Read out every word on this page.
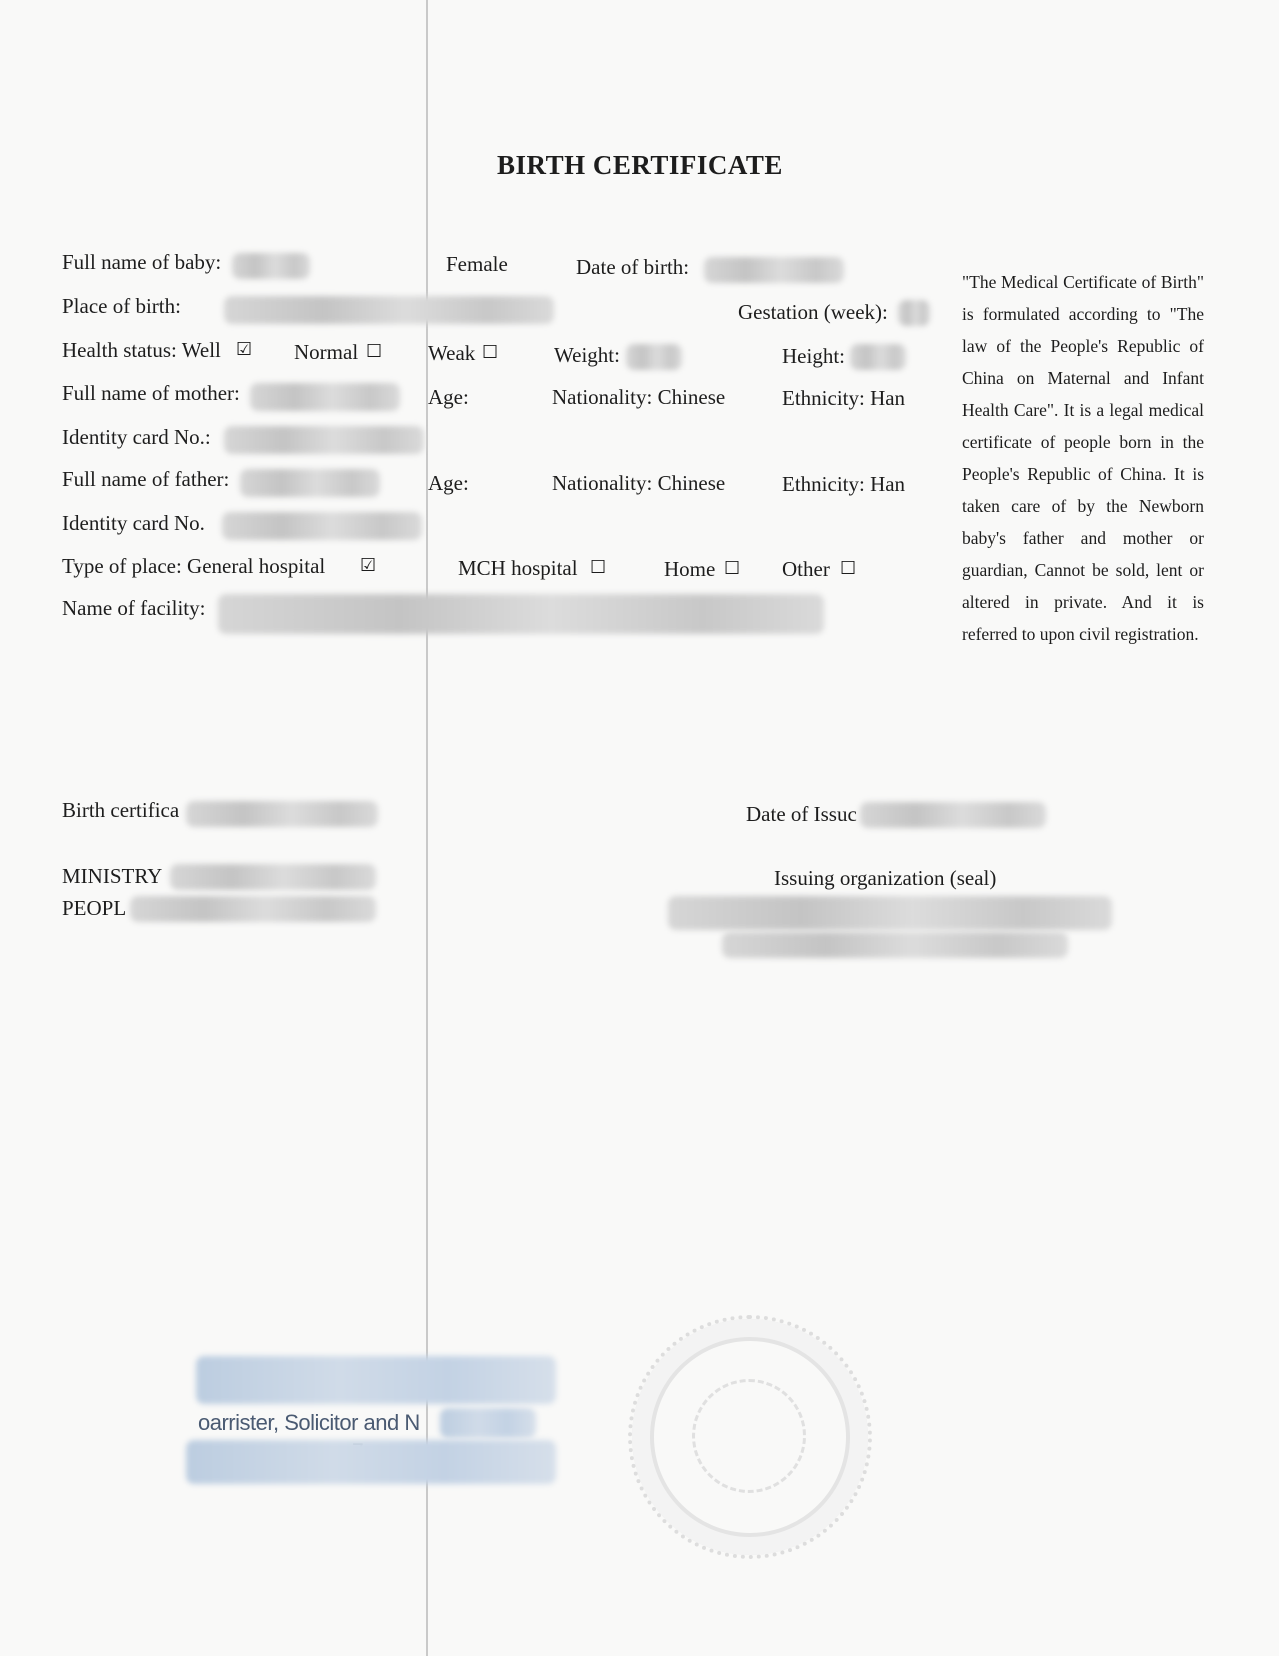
BIRTH CERTIFICATE
Full name of baby:	Female	Date of birth:
Place of birth:	Gestation (week):
Health status: Well ☑ Normal ☐ Weak ☐	Weight:	Height:
Full name of mother:	Age:	Nationality: Chinese	Ethnicity: Han
Identity card No.:
Full name of father:	Age:	Nationality: Chinese	Ethnicity: Han
Identity card No.
Type of place: General hospital ☑	MCH hospital ☐	Home ☐ Other ☐
Name of facility:

"The Medical Certificate of Birth" is formulated according to "The law of the People's Republic of China on Maternal and Infant Health Care". It is a legal medical certificate of people born in the People's Republic of China. It is taken care of by the Newborn baby's father and mother or guardian, Cannot be sold, lent or altered in private. And it is referred to upon civil registration.

Birth certifica	Date of Issuc
MINISTRY
PEOPL
Issuing organization (seal)
oarrister, Solicitor and N
